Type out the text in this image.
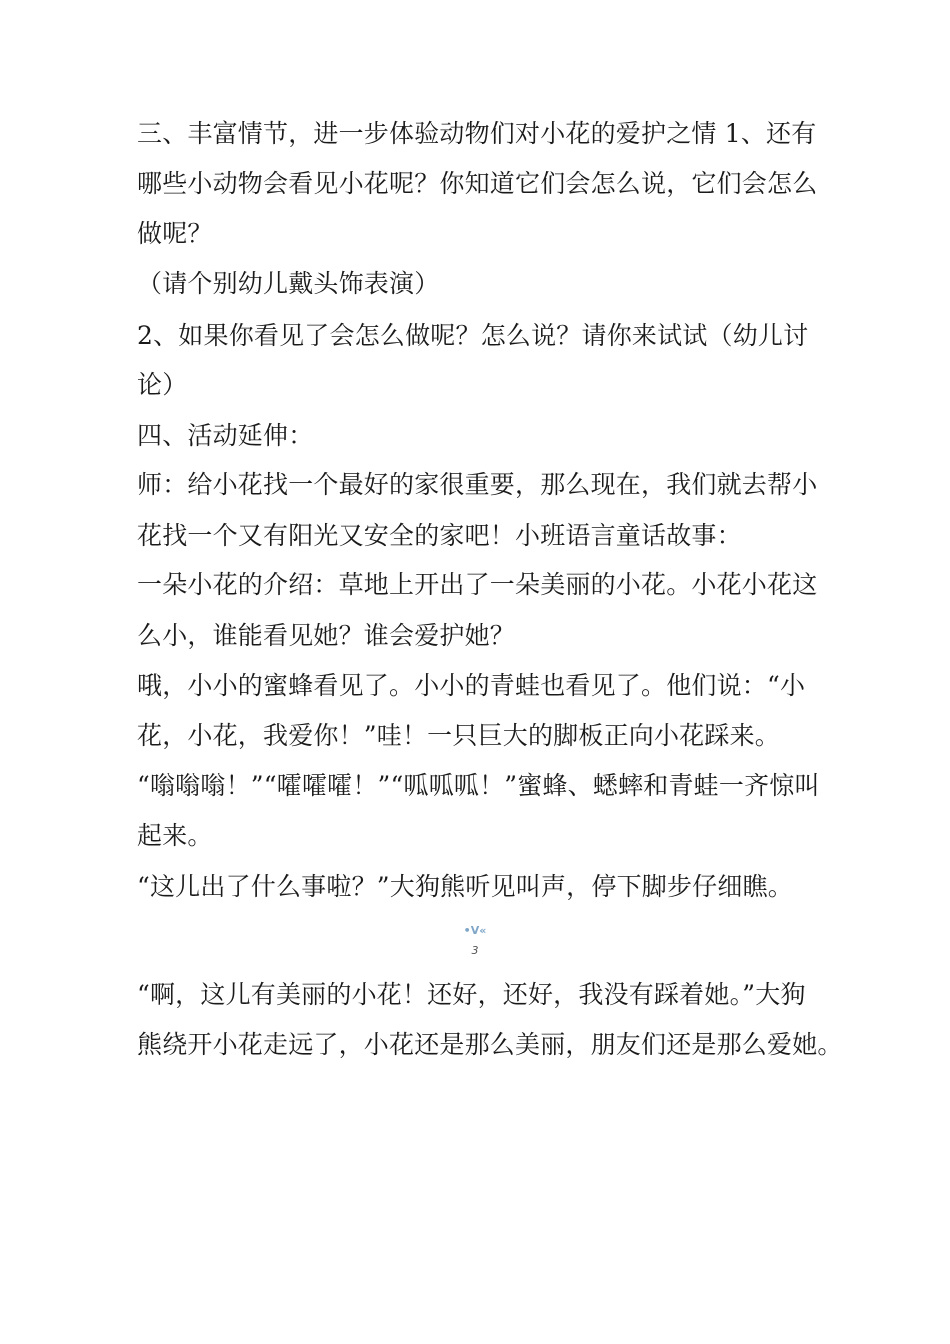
三、丰富情节，进一步体验动物们对小花的爱护之情 1、还有
哪些小动物会看见小花呢？你知道它们会怎么说，它们会怎么
做呢？
（请个别幼儿戴头饰表演）
2、如果你看见了会怎么做呢？怎么说？请你来试试（幼儿讨
论）
四、活动延伸：
师：给小花找一个最好的家很重要，那么现在，我们就去帮小
花找一个又有阳光又安全的家吧！小班语言童话故事：
一朵小花的介绍：草地上开出了一朵美丽的小花。小花小花这
么小，谁能看见她？谁会爱护她？
哦，小小的蜜蜂看见了。小小的青蛙也看见了。他们说：“小
花，小花，我爱你！”哇！一只巨大的脚板正向小花踩来。
“嗡嗡嗡！”“嚯嚯嚯！”“呱呱呱！”蜜蜂、蟋蟀和青蛙一齐惊叫
起来。
“这儿出了什么事啦？”大狗熊听见叫声，停下脚步仔细瞧。
•V«
3
“啊，这儿有美丽的小花！还好，还好，我没有踩着她。”大狗
熊绕开小花走远了，小花还是那么美丽，朋友们还是那么爱她。
